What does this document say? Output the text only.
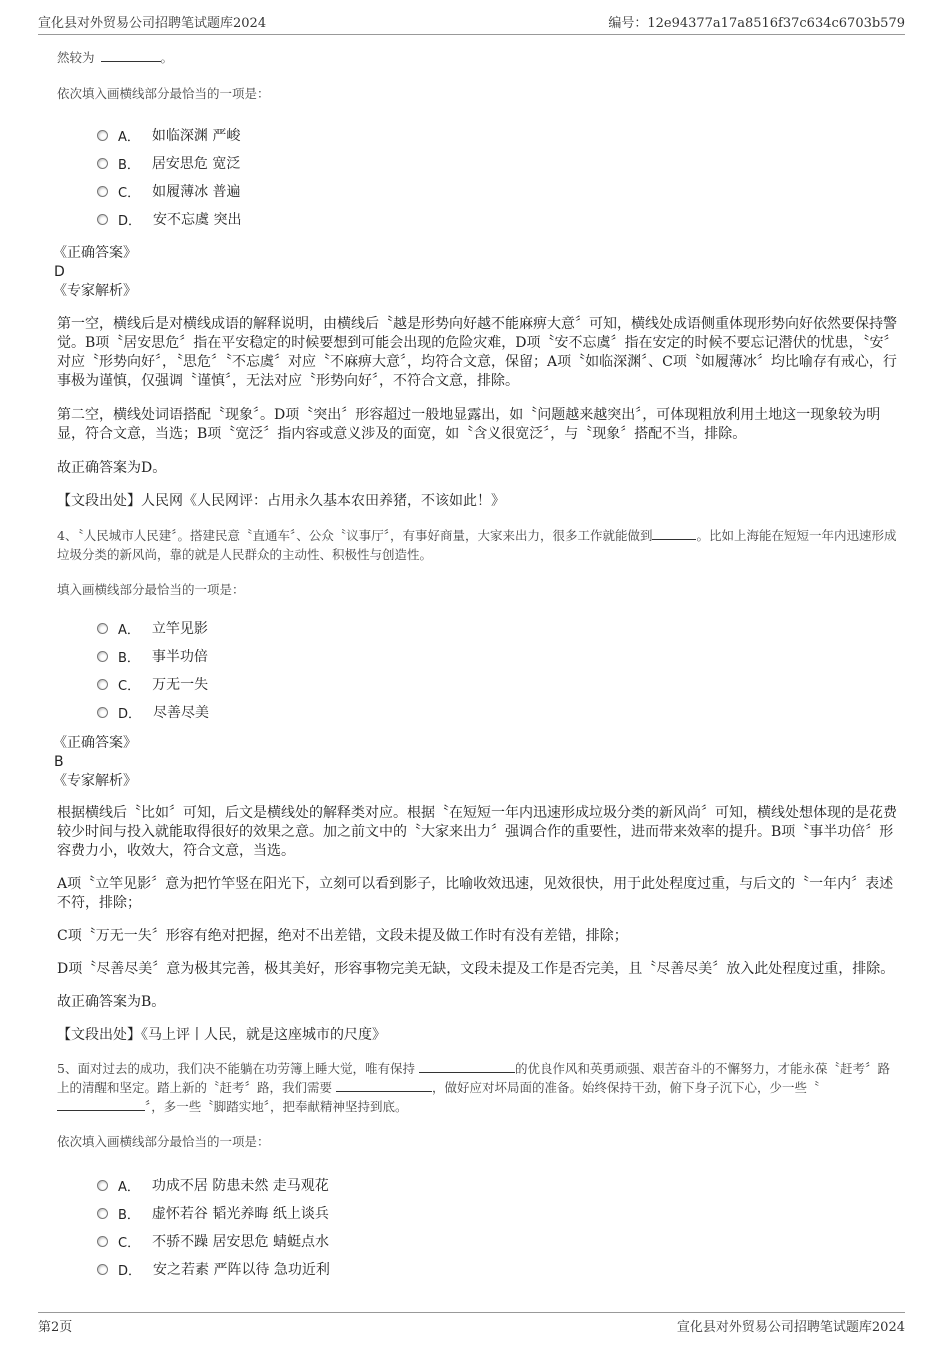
宣化县对外贸易公司招聘笔试题库2024	编号：12e94377a17a8516f37c634c6703b579
然较为	。
依次填入画横线部分最恰当的一项是：
A． 如临深渊 严峻
B． 居安思危 宽泛
C． 如履薄冰 普遍
D． 安不忘虞 突出
《正确答案》
D
《专家解析》

第一空，横线后是对横线成语的解释说明，由横线后〝越是形势向好越不能麻痹大意〞可知，横线处成语侧重体现形势向好依然要保持警觉。B项〝居安思危〞指在平安稳定的时候要想到可能会出现的危险灾难，D项〝安不忘虞〞指在安定的时候不要忘记潜伏的忧患，〝安〞对应〝形势向好〞，〝思危〞〝不忘虞〞对应〝不麻痹大意〞，均符合文意，保留；A项〝如临深渊〞、C项〝如履薄冰〞均比喻存有戒心，行事极为谨慎，仅强调〝谨慎〞，无法对应〝形势向好〞，不符合文意，排除。

第二空，横线处词语搭配〝现象〞。D项〝突出〞形容超过一般地显露出，如〝问题越来越突出〞，可体现粗放利用土地这一现象较为明显，符合文意，当选；B项〝宽泛〞指内容或意义涉及的面宽，如〝含义很宽泛〞，与〝现象〞搭配不当，排除。

故正确答案为D。

【文段出处】人民网《人民网评：占用永久基本农田养猪，不该如此！》
4、〝人民城市人民建〞。搭建民意〝直通车〞、公众〝议事厅〞，有事好商量，大家来出力，很多工作就能做到	。比如上海能在短短一年内迅速形成垃圾分类的新风尚，靠的就是人民群众的主动性、积极性与创造性。
填入画横线部分最恰当的一项是：
A． 立竿见影
B． 事半功倍
C． 万无一失
D． 尽善尽美
《正确答案》
B
《专家解析》

根据横线后〝比如〞可知，后文是横线处的解释类对应。根据〝在短短一年内迅速形成垃圾分类的新风尚〞可知，横线处想体现的是花费较少时间与投入就能取得很好的效果之意。加之前文中的〝大家来出力〞强调合作的重要性，进而带来效率的提升。B项〝事半功倍〞形容费力小，收效大，符合文意，当选。

A项〝立竿见影〞意为把竹竿竖在阳光下，立刻可以看到影子，比喻收效迅速，见效很快，用于此处程度过重，与后文的〝一年内〞表述不符，排除；

C项〝万无一失〞形容有绝对把握，绝对不出差错，文段未提及做工作时有没有差错，排除；

D项〝尽善尽美〞意为极其完善，极其美好，形容事物完美无缺，文段未提及工作是否完美，且〝尽善尽美〞放入此处程度过重，排除。

故正确答案为B。

【文段出处】《马上评丨人民，就是这座城市的尺度》
5、面对过去的成功，我们决不能躺在功劳簿上睡大觉，唯有保持	的优良作风和英勇顽强、艰苦奋斗的不懈努力，才能永葆〝赶考〞路上的清醒和坚定。踏上新的〝赶考〞路，我们需要	，做好应对坏局面的准备。始终保持干劲，俯下身子沉下心，少一些〝〞，多一些〝脚踏实地〞，把奉献精神坚持到底。
依次填入画横线部分最恰当的一项是：
A． 功成不居 防患未然 走马观花
B． 虚怀若谷 韬光养晦 纸上谈兵
C． 不骄不躁 居安思危 蜻蜓点水
D． 安之若素 严阵以待 急功近利
第2页	宣化县对外贸易公司招聘笔试题库2024
